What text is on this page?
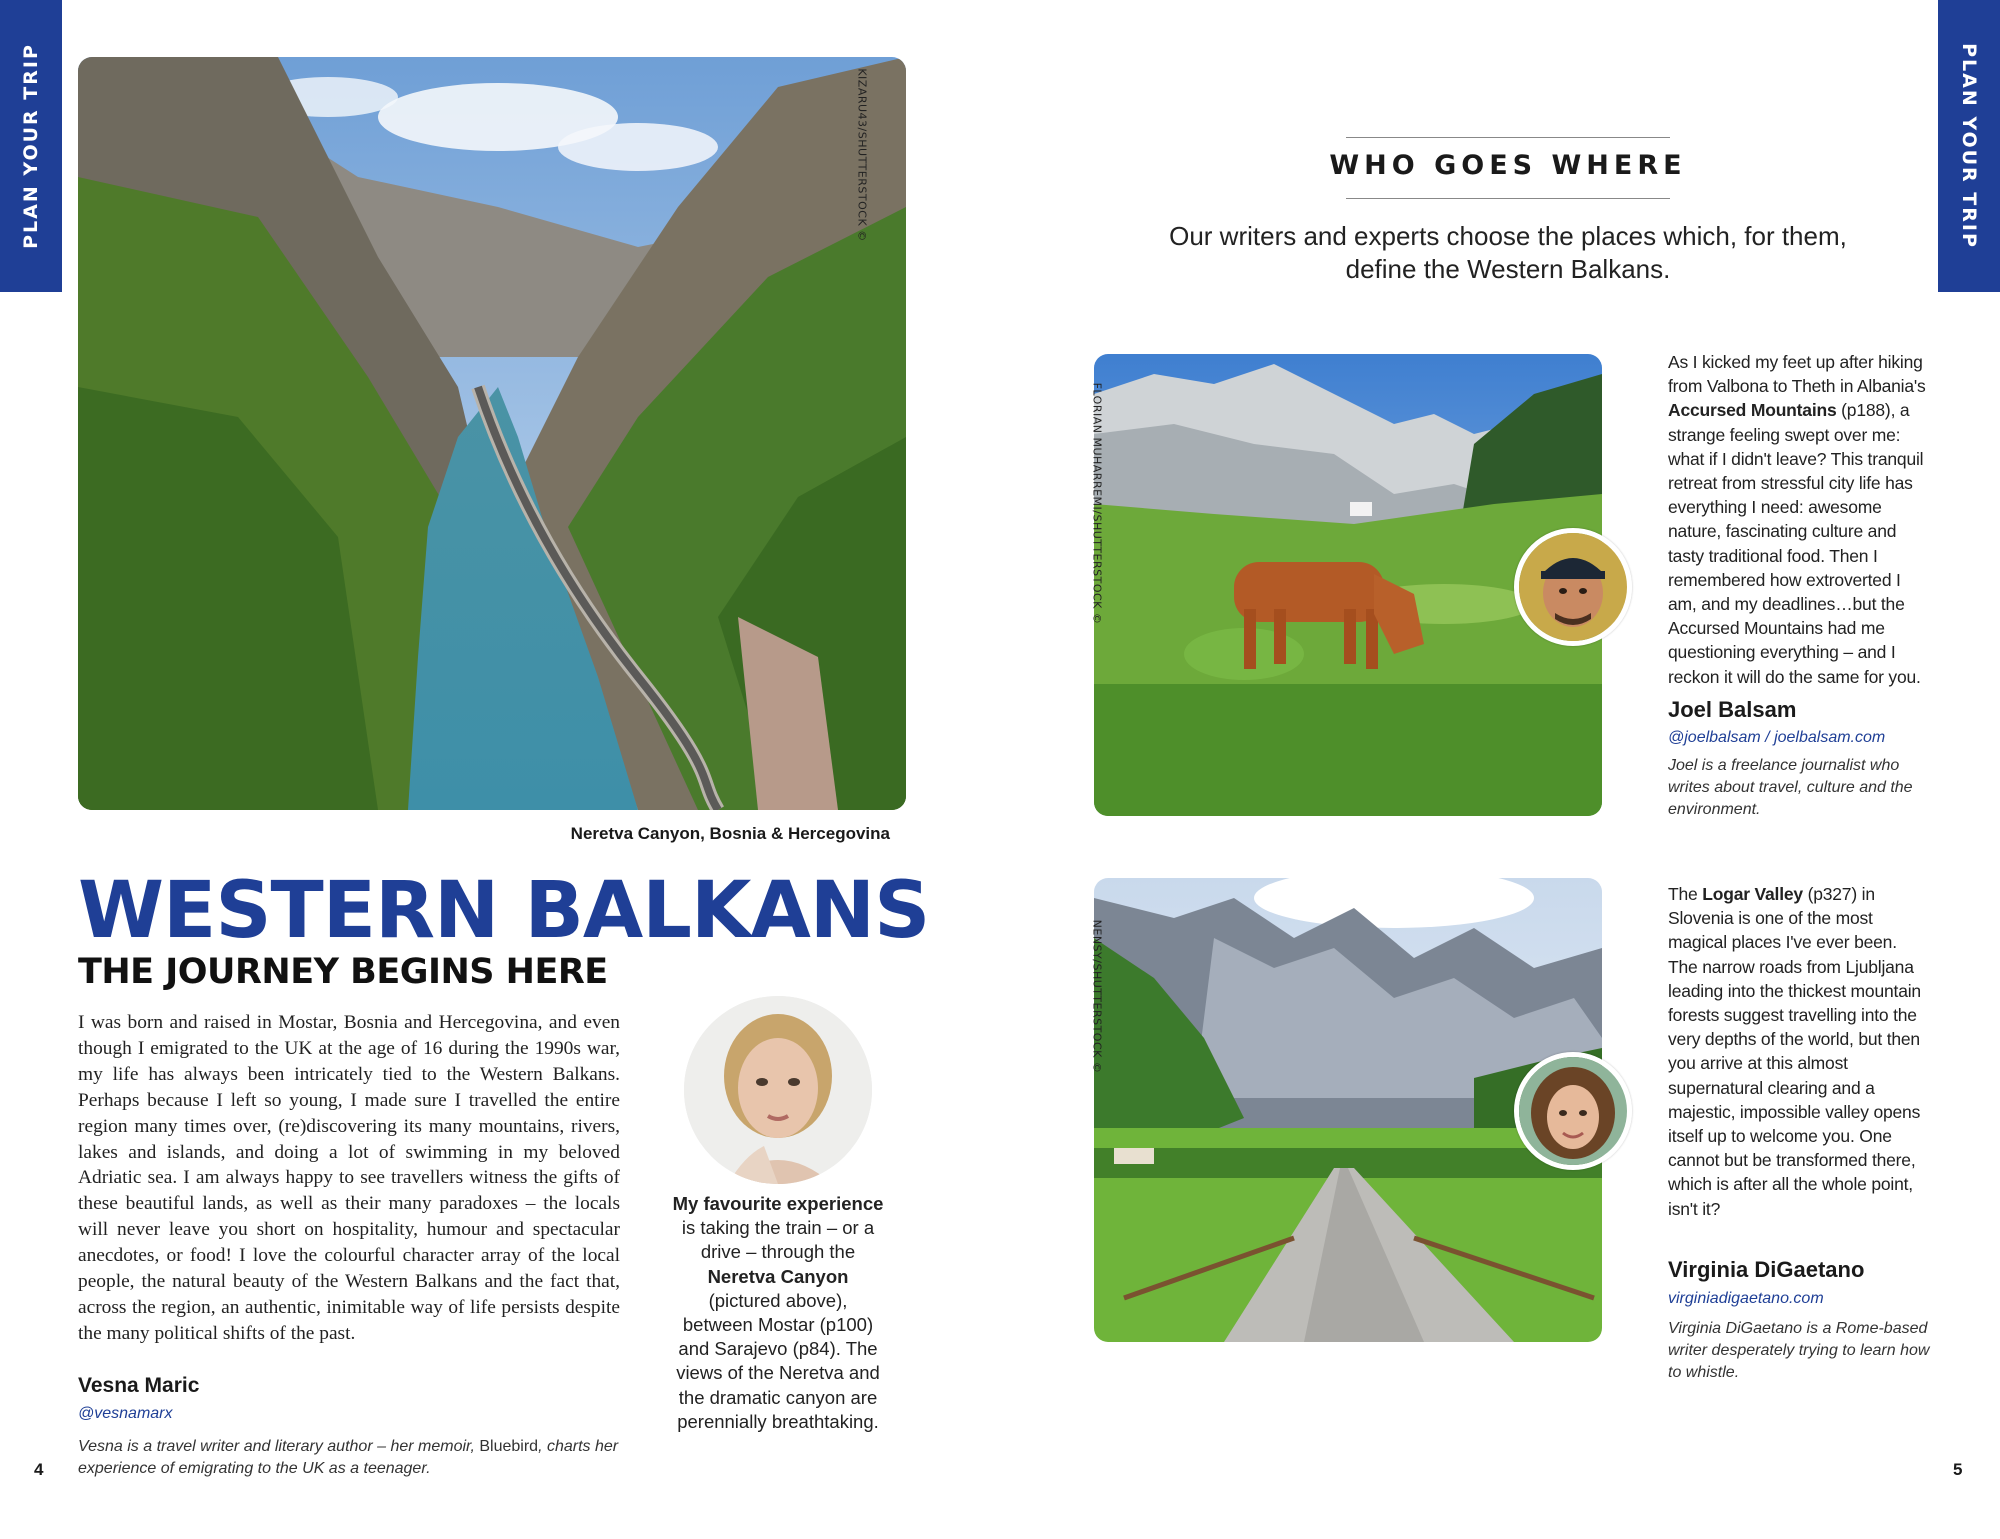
PLAN YOUR TRIP	PLAN YOUR TRIP
KIZARU43/SHUTTERSTOCK ©
Neretva Canyon, Bosnia & Hercegovina
WESTERN BALKANS
THE JOURNEY BEGINS HERE
I was born and raised in Mostar, Bosnia and Hercegovina, and even though I emigrated to the UK at the age of 16 during the 1990s war, my life has always been intricately tied to the Western Balkans. Perhaps because I left so young, I made sure I travelled the entire region many times over, (re)discovering its many mountains, rivers, lakes and islands, and doing a lot of swimming in my beloved Adriatic sea. I am always happy to see travellers witness the gifts of these beautiful lands, as well as their many paradoxes – the locals will never leave you short on hospitality, humour and spectacular anecdotes, or food! I love the colourful character array of the local people, the natural beauty of the Western Balkans and the fact that, across the region, an authentic, inimitable way of life persists despite the many political shifts of the past.
Vesna Maric
@vesnamarx
Vesna is a travel writer and literary author – her memoir, Bluebird, charts her experience of emigrating to the UK as a teenager.
My favourite experience is taking the train – or a drive – through the Neretva Canyon (pictured above), between Mostar (p100) and Sarajevo (p84). The views of the Neretva and the dramatic canyon are perennially breathtaking.
4
WHO GOES WHERE
Our writers and experts choose the places which, for them, define the Western Balkans.
FLORIAN MUHARREMI/SHUTTERSTOCK ©
As I kicked my feet up after hiking from Valbona to Theth in Albania's Accursed Mountains (p188), a strange feeling swept over me: what if I didn't leave? This tranquil retreat from stressful city life has everything I need: awesome nature, fascinating culture and tasty traditional food. Then I remembered how extroverted I am, and my deadlines…but the Accursed Mountains had me questioning everything – and I reckon it will do the same for you.
Joel Balsam
@joelbalsam / joelbalsam.com
Joel is a freelance journalist who writes about travel, culture and the environment.
NENSY/SHUTTERSTOCK ©
The Logar Valley (p327) in Slovenia is one of the most magical places I've ever been. The narrow roads from Ljubljana leading into the thickest mountain forests suggest travelling into the very depths of the world, but then you arrive at this almost supernatural clearing and a majestic, impossible valley opens itself up to welcome you. One cannot but be transformed there, which is after all the whole point, isn't it?
Virginia DiGaetano
virginiadigaetano.com
Virginia DiGaetano is a Rome-based writer desperately trying to learn how to whistle.
5
